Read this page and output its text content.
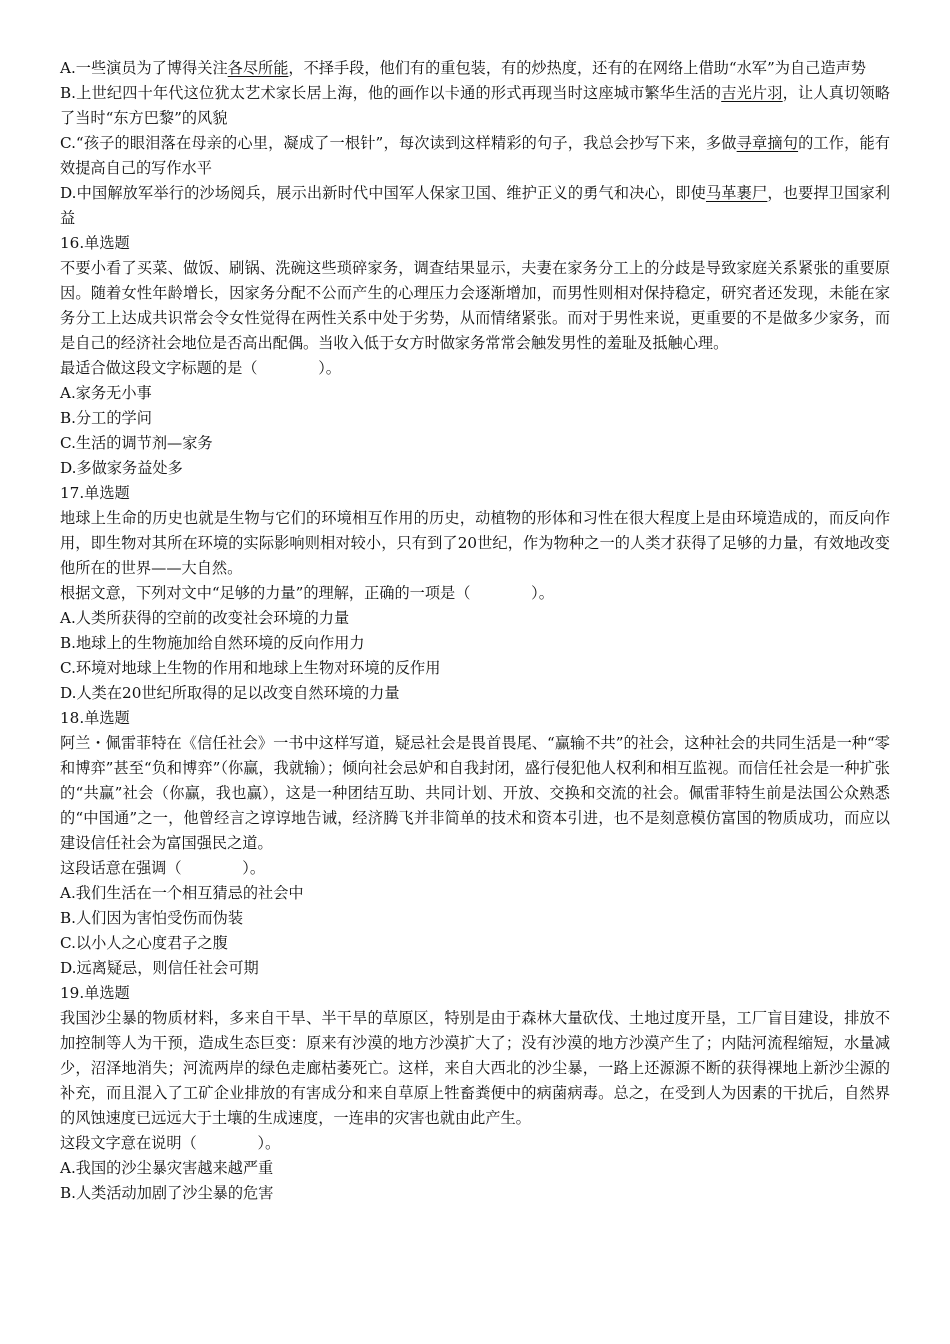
A.一些演员为了博得关注各尽所能，不择手段，他们有的重包装，有的炒热度，还有的在网络上借助“水军”为自己造声势
B.上世纪四十年代这位犹太艺术家长居上海，他的画作以卡通的形式再现当时这座城市繁华生活的吉光片羽，让人真切领略了当时“东方巴黎”的风貌
C.“孩子的眼泪落在母亲的心里，凝成了一根针”，每次读到这样精彩的句子，我总会抄写下来，多做寻章摘句的工作，能有效提高自己的写作水平
D.中国解放军举行的沙场阅兵，展示出新时代中国军人保家卫国、维护正义的勇气和决心，即使马革裹尸，也要捍卫国家利益
16.单选题
不要小看了买菜、做饭、刷锅、洗碗这些琐碎家务，调查结果显示，夫妻在家务分工上的分歧是导致家庭关系紧张的重要原因。随着女性年龄增长，因家务分配不公而产生的心理压力会逐渐增加，而男性则相对保持稳定，研究者还发现，未能在家务分工上达成共识常会令女性觉得在两性关系中处于劣势，从而情绪紧张。而对于男性来说，更重要的不是做多少家务，而是自己的经济社会地位是否高出配偶。当收入低于女方时做家务常常会触发男性的羞耻及抵触心理。
最适合做这段文字标题的是（　　　　）。
A.家务无小事
B.分工的学问
C.生活的调节剂—家务
D.多做家务益处多
17.单选题
地球上生命的历史也就是生物与它们的环境相互作用的历史，动植物的形体和习性在很大程度上是由环境造成的，而反向作用，即生物对其所在环境的实际影响则相对较小，只有到了20世纪，作为物种之一的人类才获得了足够的力量，有效地改变他所在的世界——大自然。
根据文意，下列对文中“足够的力量”的理解，正确的一项是（　　　　）。
A.人类所获得的空前的改变社会环境的力量
B.地球上的生物施加给自然环境的反向作用力
C.环境对地球上生物的作用和地球上生物对环境的反作用
D.人类在20世纪所取得的足以改变自然环境的力量
18.单选题
阿兰・佩雷菲特在《信任社会》一书中这样写道，疑忌社会是畏首畏尾、“赢输不共”的社会，这种社会的共同生活是一种“零和博弈”甚至“负和博弈”（你赢，我就输）；倾向社会忌妒和自我封闭，盛行侵犯他人权利和相互监视。而信任社会是一种扩张的“共赢”社会（你赢，我也赢），这是一种团结互助、共同计划、开放、交换和交流的社会。佩雷菲特生前是法国公众熟悉的“中国通”之一，他曾经言之谆谆地告诫，经济腾飞并非简单的技术和资本引进，也不是刻意模仿富国的物质成功，而应以建设信任社会为富国强民之道。
这段话意在强调（　　　　）。
A.我们生活在一个相互猜忌的社会中
B.人们因为害怕受伤而伪装
C.以小人之心度君子之腹
D.远离疑忌，则信任社会可期
19.单选题
我国沙尘暴的物质材料，多来自干旱、半干旱的草原区，特别是由于森林大量砍伐、土地过度开垦，工厂盲目建设，排放不加控制等人为干预，造成生态巨变：原来有沙漠的地方沙漠扩大了；没有沙漠的地方沙漠产生了；内陆河流程缩短，水量减少，沼泽地消失；河流两岸的绿色走廊枯萎死亡。这样，来自大西北的沙尘暴，一路上还源源不断的获得裸地上新沙尘源的补充，而且混入了工矿企业排放的有害成分和来自草原上牲畜粪便中的病菌病毒。总之，在受到人为因素的干扰后，自然界的风蚀速度已远远大于土壤的生成速度，一连串的灾害也就由此产生。
这段文字意在说明（　　　　）。
A.我国的沙尘暴灾害越来越严重
B.人类活动加剧了沙尘暴的危害
